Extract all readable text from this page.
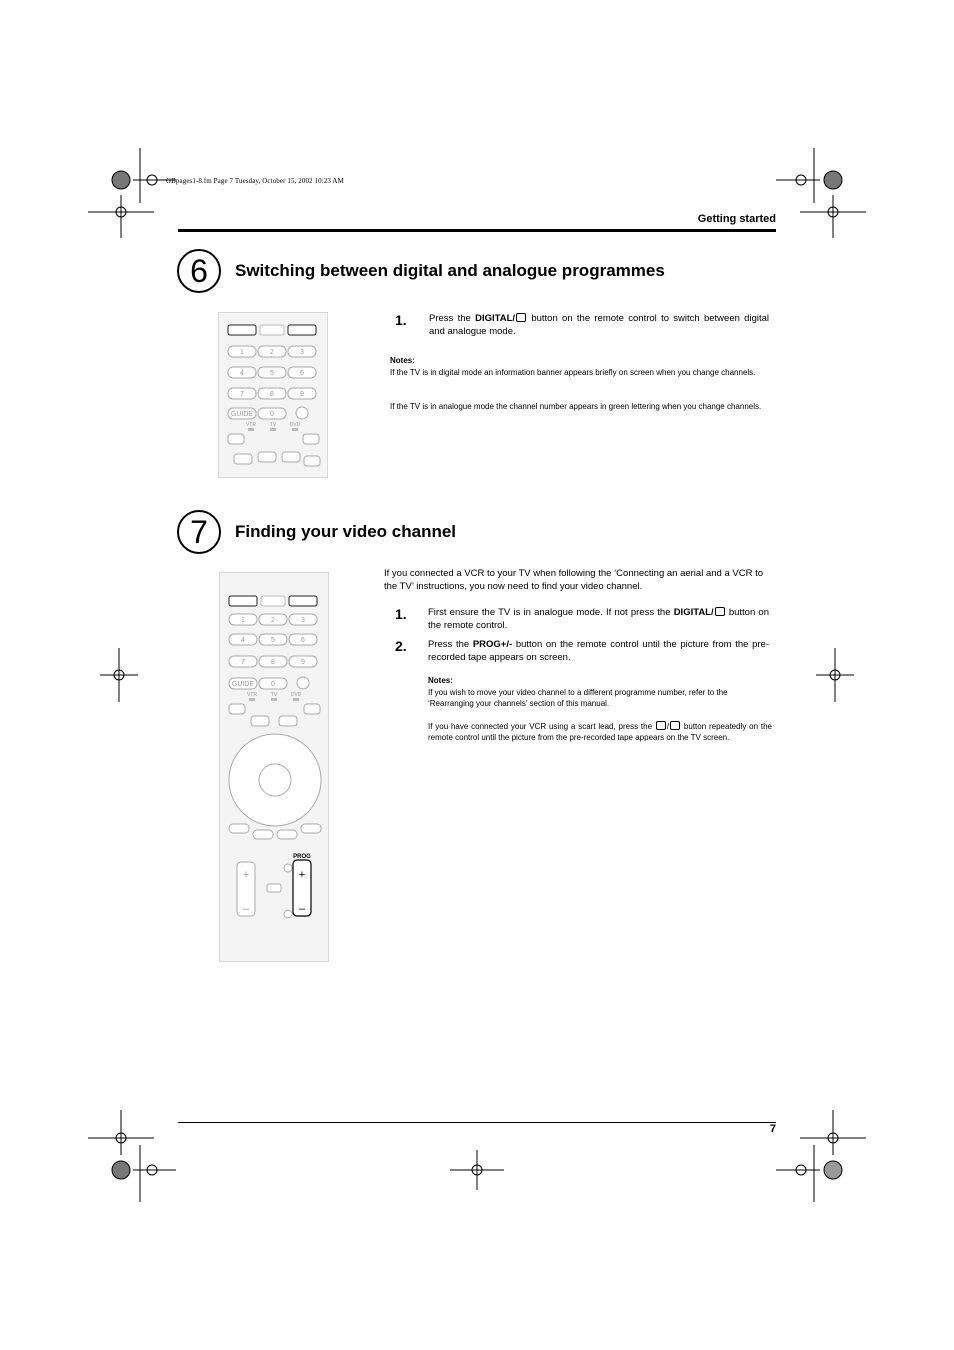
GBpages1-8.fm Page 7 Tuesday, October 15, 2002 10:23 AM
Getting started
6	Switching between digital and analogue programmes
1	2	3
4	5	6
7	8	9
GUIDE 0
VTR	TV	DVD
1. Press the DIGITAL/ button on the remote control to switch between digital and analogue mode.
Notes:
If the TV is in digital mode an information banner appears briefly on screen when you change channels.
If the TV is in analogue mode the channel number appears in green lettering when you change channels.
7	Finding your video channel
1	2	3
4	5	6
7	8	9
GUIDE 0
VTR	TV	DVD
+
–
PROG
+
–
If you connected a VCR to your TV when following the ‘Connecting an aerial and a VCR to the TV’ instructions, you now need to find your video channel.
1. First ensure the TV is in analogue mode. If not press the DIGITAL/ button on the remote control.
2. Press the PROG+/- button on the remote control until the picture from the pre-recorded tape appears on screen.
Notes:
If you wish to move your video channel to a different programme number, refer to the ‘Rearranging your channels’ section of this manual.
If you have connected your VCR using a scart lead, press the / button repeatedly on the remote control until the picture from the pre-recorded tape appears on the TV screen.
7
